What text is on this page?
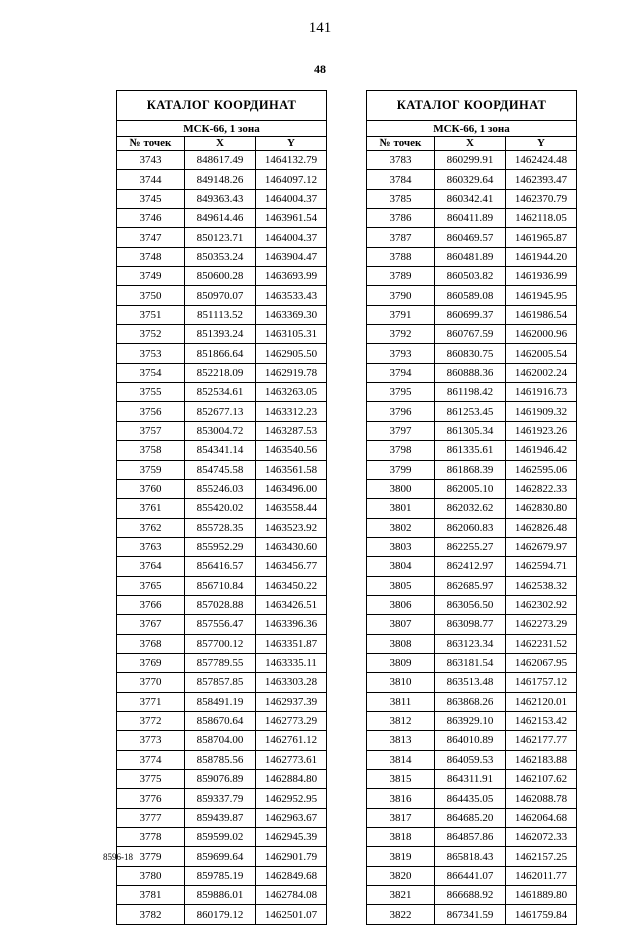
141
48
КАТАЛОГ КООРДИНАТ		
МСК-66, 1 зона		
№ точек	X	Y
3743	848617.49	1464132.79
3744	849148.26	1464097.12
3745	849363.43	1464004.37
3746	849614.46	1463961.54
3747	850123.71	1464004.37
3748	850353.24	1463904.47
3749	850600.28	1463693.99
3750	850970.07	1463533.43
3751	851113.52	1463369.30
3752	851393.24	1463105.31
3753	851866.64	1462905.50
3754	852218.09	1462919.78
3755	852534.61	1463263.05
3756	852677.13	1463312.23
3757	853004.72	1463287.53
3758	854341.14	1463540.56
3759	854745.58	1463561.58
3760	855246.03	1463496.00
3761	855420.02	1463558.44
3762	855728.35	1463523.92
3763	855952.29	1463430.60
3764	856416.57	1463456.77
3765	856710.84	1463450.22
3766	857028.88	1463426.51
3767	857556.47	1463396.36
3768	857700.12	1463351.87
3769	857789.55	1463335.11
3770	857857.85	1463303.28
3771	858491.19	1462937.39
3772	858670.64	1462773.29
3773	858704.00	1462761.12
3774	858785.56	1462773.61
3775	859076.89	1462884.80
3776	859337.79	1462952.95
3777	859439.87	1462963.67
3778	859599.02	1462945.39
3779	859699.64	1462901.79
3780	859785.19	1462849.68
3781	859886.01	1462784.08
3782	860179.12	1462501.07
КАТАЛОГ КООРДИНАТ		
МСК-66, 1 зона		
№ точек	X	Y
3783	860299.91	1462424.48
3784	860329.64	1462393.47
3785	860342.41	1462370.79
3786	860411.89	1462118.05
3787	860469.57	1461965.87
3788	860481.89	1461944.20
3789	860503.82	1461936.99
3790	860589.08	1461945.95
3791	860699.37	1461986.54
3792	860767.59	1462000.96
3793	860830.75	1462005.54
3794	860888.36	1462002.24
3795	861198.42	1461916.73
3796	861253.45	1461909.32
3797	861305.34	1461923.26
3798	861335.61	1461946.42
3799	861868.39	1462595.06
3800	862005.10	1462822.33
3801	862032.62	1462830.80
3802	862060.83	1462826.48
3803	862255.27	1462679.97
3804	862412.97	1462594.71
3805	862685.97	1462538.32
3806	863056.50	1462302.92
3807	863098.77	1462273.29
3808	863123.34	1462231.52
3809	863181.54	1462067.95
3810	863513.48	1461757.12
3811	863868.26	1462120.01
3812	863929.10	1462153.42
3813	864010.89	1462177.77
3814	864059.53	1462183.88
3815	864311.91	1462107.62
3816	864435.05	1462088.78
3817	864685.20	1462064.68
3818	864857.86	1462072.33
3819	865818.43	1462157.25
3820	866441.07	1462011.77
3821	866688.92	1461889.80
3822	867341.59	1461759.84
8596-18
